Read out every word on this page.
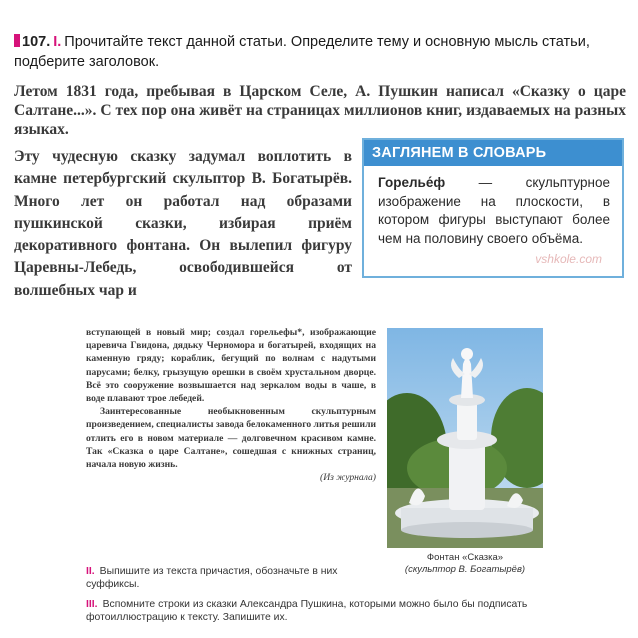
107. I. Прочитайте текст данной статьи. Определите тему и основную мысль статьи, подберите заголовок.
Летом 1831 года, пребывая в Царском Селе, А. Пушкин написал «Сказку о царе Салтане...». С тех пор она живёт на страницах миллионов книг, издаваемых на разных языках.
Эту чудесную сказку задумал воплотить в камне петербургский скульптор В. Богатырёв. Много лет он работал над образами пушкинской сказки, избирая приём декоративного фонтана. Он вылепил фигуру Царевны-Лебедь, освободившейся от волшебных чар и
ЗАГЛЯНЕМ В СЛОВАРЬ
Горелье́ф — скульптурное изображение на плоскости, в котором фигуры выступают более чем на половину своего объёма.
vshkole.com

вступающей в новый мир; создал горельефы*, изображающие царевича Гвидона, дядьку Черномора и богатырей, входящих на каменную гряду; кораблик, бегущий по волнам с надутыми парусами; белку, грызущую орешки в своём хрустальном дворце. Всё это сооружение возвышается над зеркалом воды в чаше, в воде плавают трое лебедей.

Заинтересованные необыкновенным скульптурным произведением, специалисты завода белокаменного литья решили отлить его в новом материале — долговечном красивом камне. Так «Сказка о царе Салтане», сошедшая с книжных страниц, начала новую жизнь.

(Из журнала)

Фонтан «Сказка»
(скульптор В. Богатырёв)
II. Выпишите из текста причастия, обозначьте в них суффиксы.
III. Вспомните строки из сказки Александра Пушкина, которыми можно было бы подписать фотоиллюстрацию к тексту. Запишите их.
